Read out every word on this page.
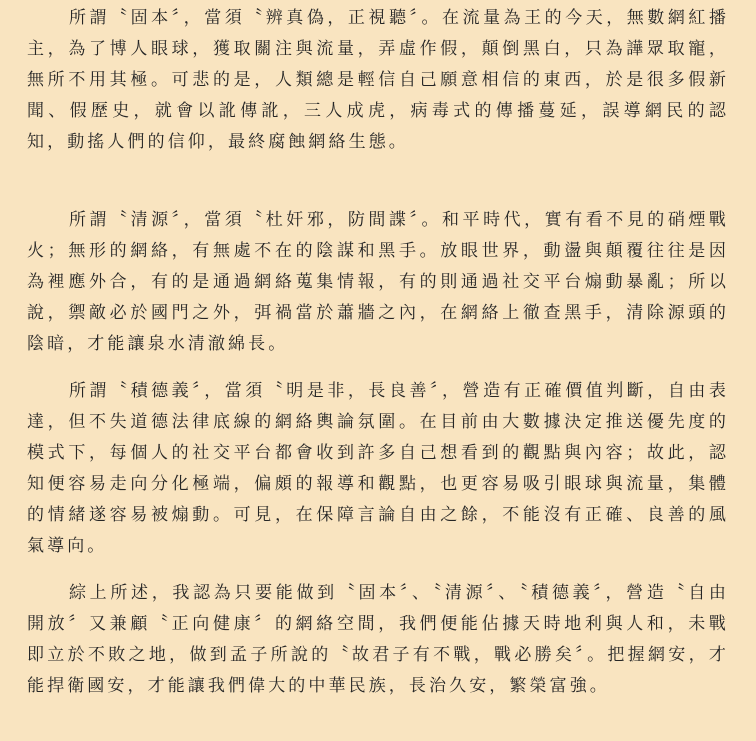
所謂〝固本〞，當須〝辨真偽，正視聽〞。在流量為王的今天，無數網紅播主，為了博人眼球，獲取關注與流量，弄虛作假，顛倒黑白，只為譁眾取寵，無所不用其極。可悲的是，人類總是輕信自己願意相信的東西，於是很多假新聞、假歷史，就會以訛傳訛，三人成虎，病毒式的傳播蔓延，誤導網民的認知，動搖人們的信仰，最終腐蝕網絡生態。

所謂〝清源〞，當須〝杜奸邪，防間諜〞。和平時代，實有看不見的硝煙戰火；無形的網絡，有無處不在的陰謀和黑手。放眼世界，動盪與顛覆往往是因為裡應外合，有的是通過網絡蒐集情報，有的則通過社交平台煽動暴亂；所以說，禦敵必於國門之外，弭禍當於蕭牆之內，在網絡上徹查黑手，清除源頭的陰暗，才能讓泉水清澈綿長。

所謂〝積德義〞，當須〝明是非，長良善〞，營造有正確價值判斷，自由表達，但不失道德法律底線的網絡輿論氛圍。在目前由大數據決定推送優先度的模式下，每個人的社交平台都會收到許多自己想看到的觀點與內容；故此，認知便容易走向分化極端，偏頗的報導和觀點，也更容易吸引眼球與流量，集體的情緒遂容易被煽動。可見，在保障言論自由之餘，不能沒有正確、良善的風氣導向。

綜上所述，我認為只要能做到〝固本〞、〝清源〞、〝積德義〞，營造〝自由開放〞又兼顧〝正向健康〞的網絡空間，我們便能佔據天時地利與人和，未戰即立於不敗之地，做到孟子所說的〝故君子有不戰，戰必勝矣〞。把握網安，才能捍衛國安，才能讓我們偉大的中華民族，長治久安，繁榮富強。
